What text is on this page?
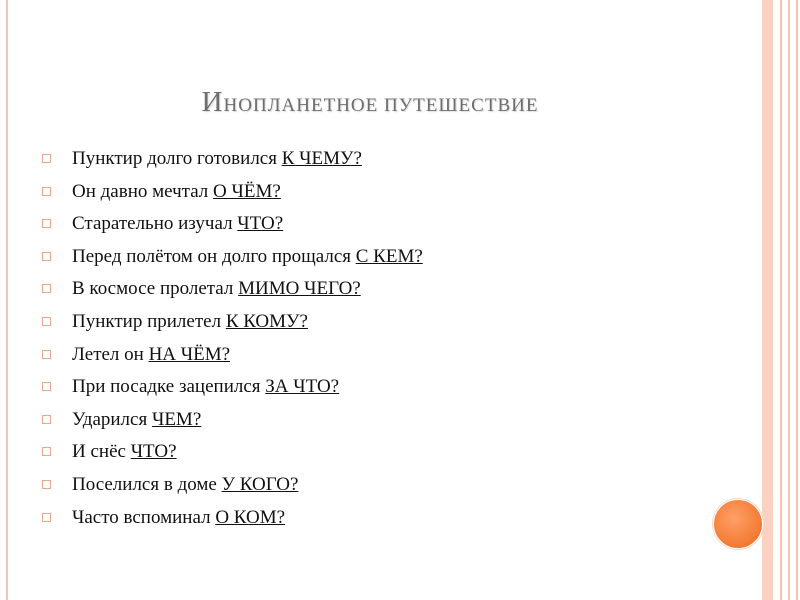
ИНОПЛАНЕТНОЕ ПУТЕШЕСТВИЕ
Пунктир долго готовился К ЧЕМУ?
Он давно мечтал О ЧЁМ?
Старательно изучал ЧТО?
Перед полётом он долго прощался С КЕМ?
В космосе пролетал МИМО ЧЕГО?
Пунктир прилетел К КОМУ?
Летел он НА ЧЁМ?
При посадке зацепился ЗА ЧТО?
Ударился ЧЕМ?
И снёс ЧТО?
Поселился в доме У КОГО?
Часто вспоминал О КОМ?
